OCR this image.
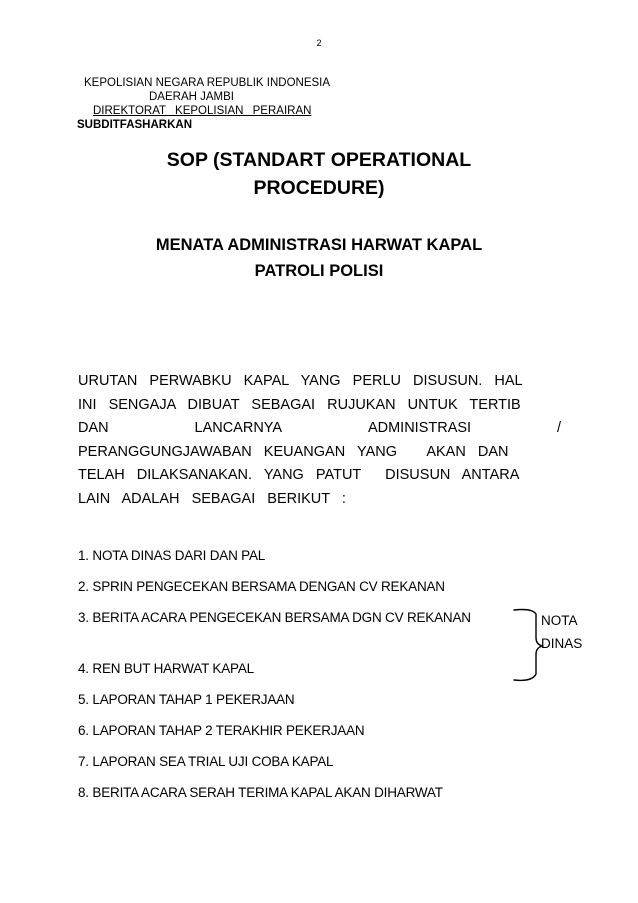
2
KEPOLISIAN NEGARA REPUBLIK INDONESIA
DAERAH JAMBI
DIREKTORAT KEPOLISIAN PERAIRAN
SUBDITFASHARKAN
SOP (STANDART OPERATIONAL
PROCEDURE)
MENATA ADMINISTRASI HARWAT KAPAL
PATROLI POLISI
URUTAN  PERWABKU  KAPAL  YANG  PERLU  DISUSUN.  HAL
INI  SENGAJA  DIBUAT  SEBAGAI  RUJUKAN  UNTUK  TERTIB
DAN	LANCARNYA	ADMINISTRASI	/
PERANGGUNGJAWABAN  KEUANGAN  YANG     AKAN  DAN
TELAH  DILAKSANAKAN.  YANG  PATUT    DISUSUN  ANTARA
LAIN  ADALAH  SEBAGAI  BERIKUT  :
1. NOTA DINAS DARI DAN PAL
2. SPRIN PENGECEKAN BERSAMA DENGAN CV REKANAN
3. BERITA ACARA PENGECEKAN BERSAMA DGN CV REKANAN
4. REN BUT HARWAT KAPAL
5. LAPORAN TAHAP 1 PEKERJAAN
6. LAPORAN TAHAP 2 TERAKHIR PEKERJAAN
7. LAPORAN SEA TRIAL UJI COBA KAPAL
8. BERITA ACARA SERAH TERIMA KAPAL AKAN DIHARWAT
NOTA
DINAS
